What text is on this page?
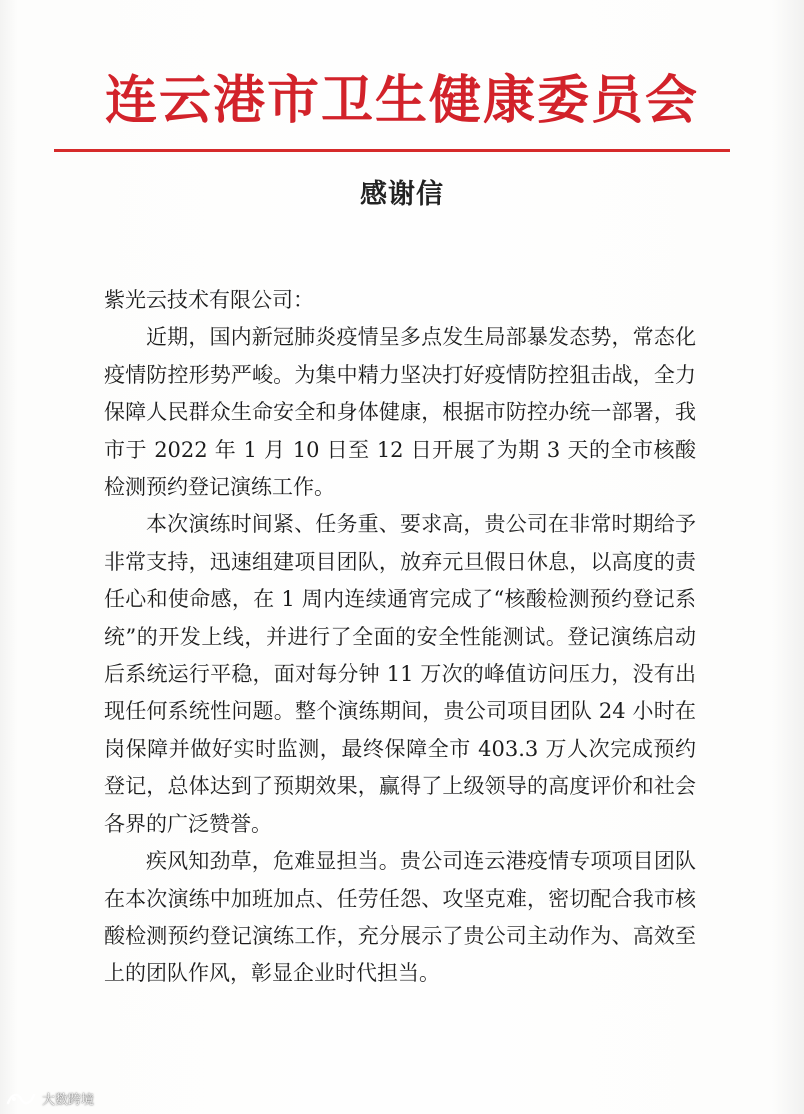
连云港市卫生健康委员会
感谢信

紫光云技术有限公司：

近期，国内新冠肺炎疫情呈多点发生局部暴发态势，常态化疫情防控形势严峻。为集中精力坚决打好疫情防控狙击战，全力保障人民群众生命安全和身体健康，根据市防控办统一部署，我市于 2022 年 1 月 10 日至 12 日开展了为期 3 天的全市核酸检测预约登记演练工作。

本次演练时间紧、任务重、要求高，贵公司在非常时期给予非常支持，迅速组建项目团队，放弃元旦假日休息，以高度的责任心和使命感，在 1 周内连续通宵完成了“核酸检测预约登记系统”的开发上线，并进行了全面的安全性能测试。登记演练启动后系统运行平稳，面对每分钟 11 万次的峰值访问压力，没有出现任何系统性问题。整个演练期间，贵公司项目团队 24 小时在岗保障并做好实时监测，最终保障全市 403.3 万人次完成预约登记，总体达到了预期效果，赢得了上级领导的高度评价和社会各界的广泛赞誉。

疾风知劲草，危难显担当。贵公司连云港疫情专项项目团队在本次演练中加班加点、任劳任怨、攻坚克难，密切配合我市核酸检测预约登记演练工作，充分展示了贵公司主动作为、高效至上的团队作风，彰显企业时代担当。

大数跨境
